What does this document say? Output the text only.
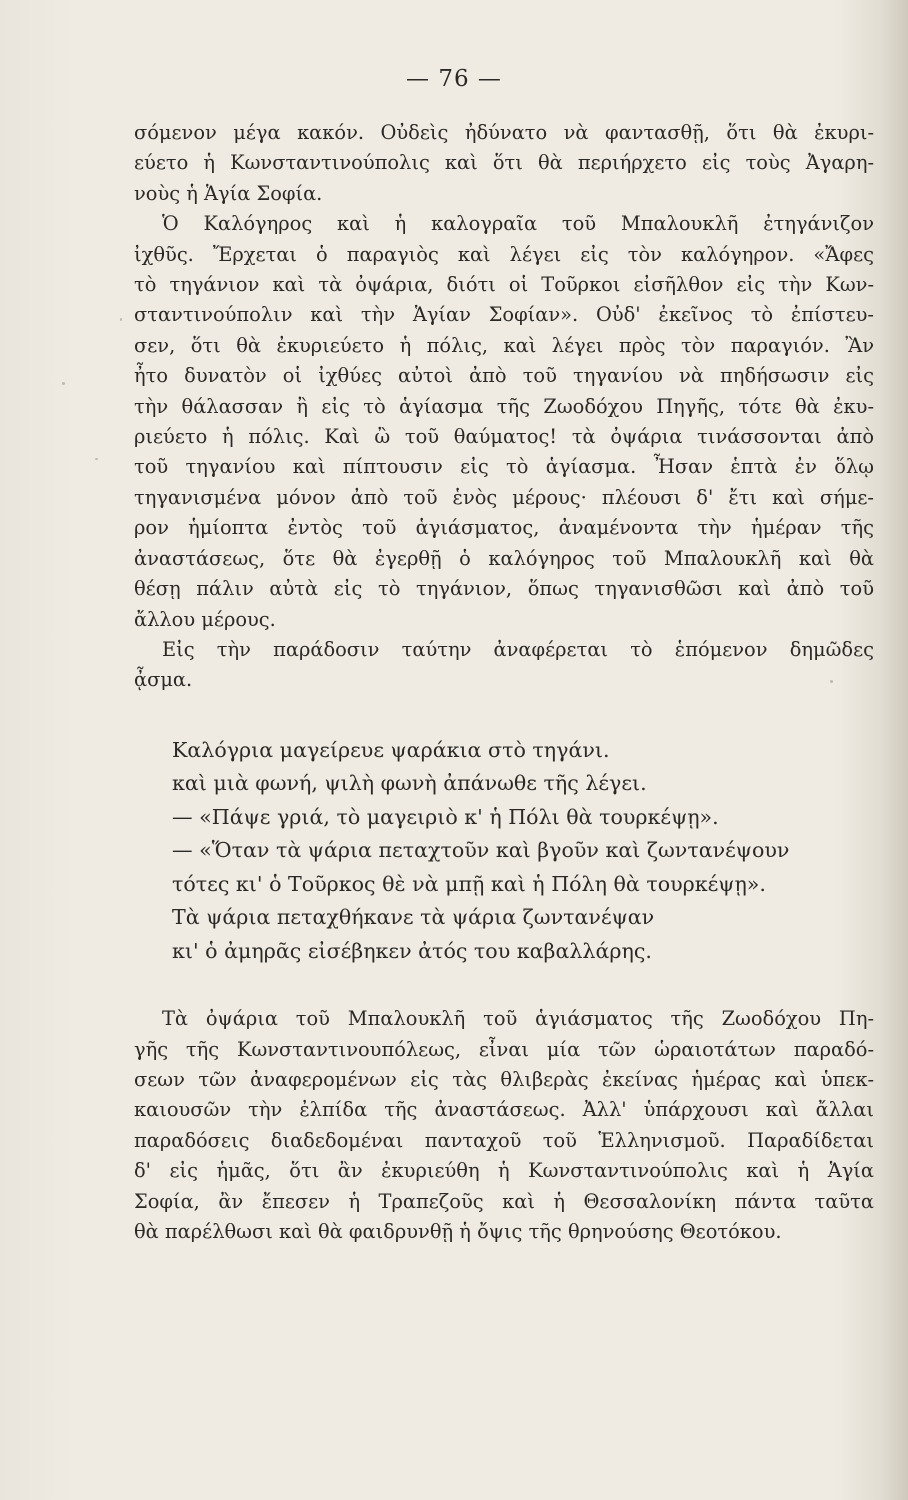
— 76 —
σόμενον μέγα κακόν. Οὐδεὶς ἠδύνατο νὰ φαντασθῇ, ὅτι θὰ ἐκυρι-
εύετο ἡ Κωνσταντινούπολις καὶ ὅτι θὰ περιήρχετο εἰς τοὺς Ἀγαρη-
νοὺς ἡ Ἁγία Σοφία.
Ὁ Καλόγηρος καὶ ἡ καλογραῖα τοῦ Μπαλουκλῆ ἐτηγάνιζον
ἰχθῦς. Ἔρχεται ὁ παραγιὸς καὶ λέγει εἰς τὸν καλόγηρον. «Ἄφες
τὸ τηγάνιον καὶ τὰ ὀψάρια, διότι οἱ Τοῦρκοι εἰσῆλθον εἰς τὴν Κων-
σταντινούπολιν καὶ τὴν Ἁγίαν Σοφίαν». Οὐδ' ἐκεῖνος τὸ ἐπίστευ-
σεν, ὅτι θὰ ἐκυριεύετο ἡ πόλις, καὶ λέγει πρὸς τὸν παραγιόν. Ἂν
ἦτο δυνατὸν οἱ ἰχθύες αὐτοὶ ἀπὸ τοῦ τηγανίου νὰ πηδήσωσιν εἰς
τὴν θάλασσαν ἢ εἰς τὸ ἁγίασμα τῆς Ζωοδόχου Πηγῆς, τότε θὰ ἐκυ-
ριεύετο ἡ πόλις. Καὶ ὢ τοῦ θαύματος! τὰ ὀψάρια τινάσσονται ἀπὸ
τοῦ τηγανίου καὶ πίπτουσιν εἰς τὸ ἁγίασμα. Ἦσαν ἑπτὰ ἐν ὅλῳ
τηγανισμένα μόνον ἀπὸ τοῦ ἑνὸς μέρους· πλέουσι δ' ἔτι καὶ σήμε-
ρον ἡμίοπτα ἐντὸς τοῦ ἁγιάσματος, ἀναμένοντα τὴν ἡμέραν τῆς
ἀναστάσεως, ὅτε θὰ ἐγερθῇ ὁ καλόγηρος τοῦ Μπαλουκλῆ καὶ θὰ
θέσῃ πάλιν αὐτὰ εἰς τὸ τηγάνιον, ὅπως τηγανισθῶσι καὶ ἀπὸ τοῦ
ἄλλου μέρους.
Εἰς τὴν παράδοσιν ταύτην ἀναφέρεται τὸ ἑπόμενον δημῶδες
ᾆσμα.
Καλόγρια μαγείρευε ψαράκια στὸ τηγάνι.
καὶ μιὰ φωνή, ψιλὴ φωνὴ ἀπάνωθε τῆς λέγει.
— «Πάψε γριά, τὸ μαγειριὸ κ' ἡ Πόλι θὰ τουρκέψῃ».
— «Ὅταν τὰ ψάρια πεταχτοῦν καὶ βγοῦν καὶ ζωντανέψουν
τότες κι' ὁ Τοῦρκος θὲ νὰ μπῇ καὶ ἡ Πόλη θὰ τουρκέψῃ».
Τὰ ψάρια πεταχθήκανε τὰ ψάρια ζωντανέψαν
κι' ὁ ἀμηρᾶς εἰσέβηκεν ἀτός του καβαλλάρης.
Τὰ ὀψάρια τοῦ Μπαλουκλῆ τοῦ ἁγιάσματος τῆς Ζωοδόχου Πη-
γῆς τῆς Κωνσταντινουπόλεως, εἶναι μία τῶν ὡραιοτάτων παραδό-
σεων τῶν ἀναφερομένων εἰς τὰς θλιβερὰς ἐκείνας ἡμέρας καὶ ὑπεκ-
καιουσῶν τὴν ἐλπίδα τῆς ἀναστάσεως. Ἀλλ' ὑπάρχουσι καὶ ἄλλαι
παραδόσεις διαδεδομέναι πανταχοῦ τοῦ Ἑλληνισμοῦ. Παραδίδεται
δ' εἰς ἡμᾶς, ὅτι ἂν ἐκυριεύθη ἡ Κωνσταντινούπολις καὶ ἡ Ἁγία
Σοφία, ἂν ἔπεσεν ἡ Τραπεζοῦς καὶ ἡ Θεσσαλονίκη πάντα ταῦτα
θὰ παρέλθωσι καὶ θὰ φαιδρυνθῇ ἡ ὄψις τῆς θρηνούσης Θεοτόκου.
